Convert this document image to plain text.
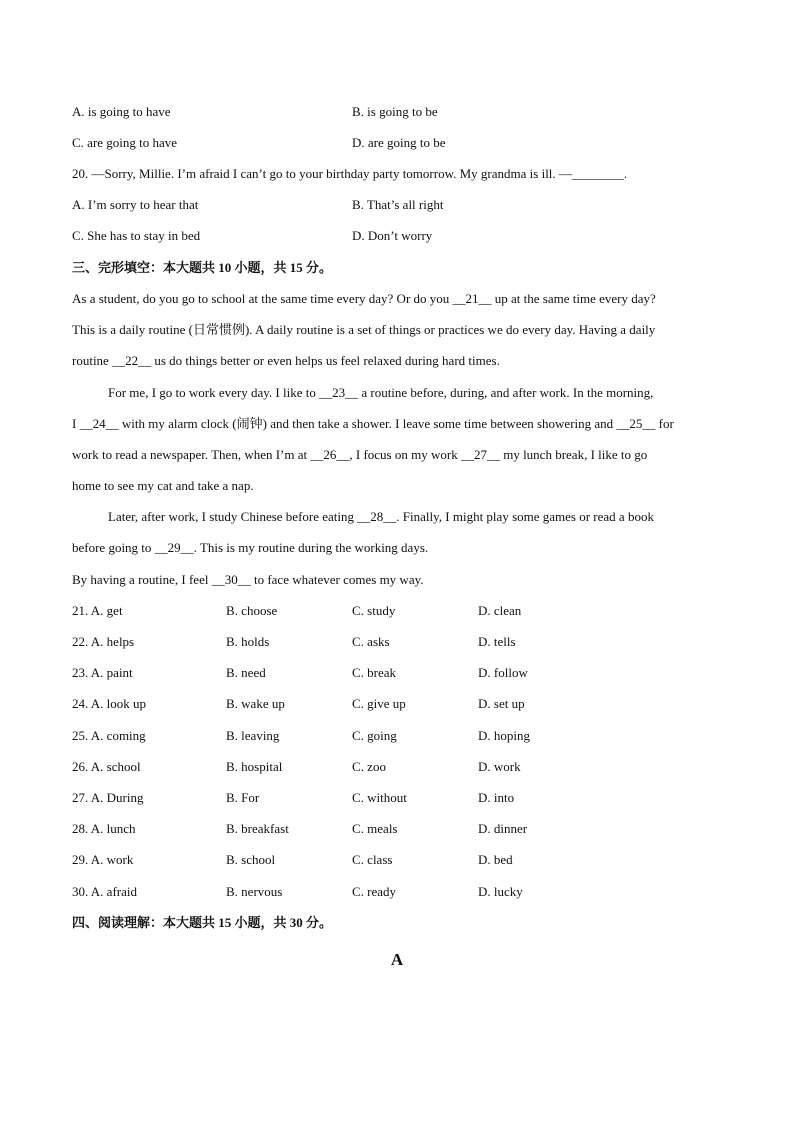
A. is going to have	B. is going to be
C. are going to have	D. are going to be
20. —Sorry, Millie. I’m afraid I can’t go to your birthday party tomorrow. My grandma is ill. —________.
A. I’m sorry to hear that	B. That’s all right
C. She has to stay in bed	D. Don’t worry
三、完形填空：本大题共 10 小题，共 15 分。
As a student, do you go to school at the same time every day? Or do you __21__ up at the same time every day?
This is a daily routine (日常惯例). A daily routine is a set of things or practices we do every day. Having a daily
routine __22__ us do things better or even helps us feel relaxed during hard times.
For me, I go to work every day. I like to __23__ a routine before, during, and after work. In the morning,
I __24__ with my alarm clock (闹钟) and then take a shower. I leave some time between showering and __25__ for
work to read a newspaper. Then, when I’m at __26__, I focus on my work __27__ my lunch break, I like to go
home to see my cat and take a nap.
Later, after work, I study Chinese before eating __28__. Finally, I might play some games or read a book
before going to __29__. This is my routine during the working days.
By having a routine, I feel __30__ to face whatever comes my way.
21. A. get	B. choose	C. study	D. clean
22. A. helps	B. holds	C. asks	D. tells
23. A. paint	B. need	C. break	D. follow
24. A. look up	B. wake up	C. give up	D. set up
25. A. coming	B. leaving	C. going	D. hoping
26. A. school	B. hospital	C. zoo	D. work
27. A. During	B. For	C. without	D. into
28. A. lunch	B. breakfast	C. meals	D. dinner
29. A. work	B. school	C. class	D. bed
30. A. afraid	B. nervous	C. ready	D. lucky
四、阅读理解：本大题共 15 小题，共 30 分。
A
